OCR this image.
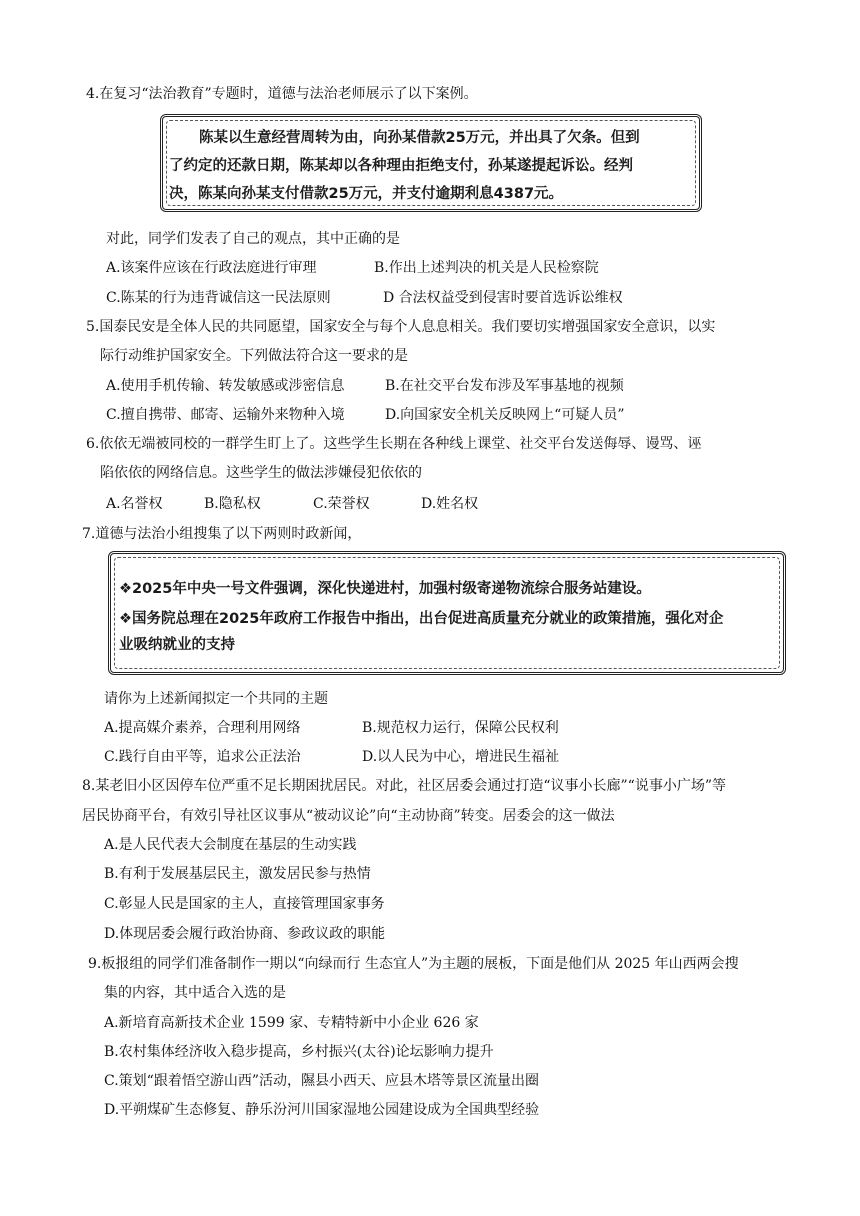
4.在复习“法治教育”专题时，道德与法治老师展示了以下案例。
陈某以生意经营周转为由，向孙某借款25万元，并出具了欠条。但到
了约定的还款日期，陈某却以各种理由拒绝支付，孙某遂提起诉讼。经判
决，陈某向孙某支付借款25万元，并支付逾期利息4387元。
对此，同学们发表了自己的观点，其中正确的是
A.该案件应该在行政法庭进行审理	B.作出上述判决的机关是人民检察院
C.陈某的行为违背诚信这一民法原则	D 合法权益受到侵害时要首选诉讼维权
5.国泰民安是全体人民的共同愿望，国家安全与每个人息息相关。我们要切实增强国家安全意识，以实
际行动维护国家安全。下列做法符合这一要求的是
A.使用手机传输、转发敏感或涉密信息	B.在社交平台发布涉及军事基地的视频
C.擅自携带、邮寄、运输外来物种入境	D.向国家安全机关反映网上“可疑人员”
6.依依无端被同校的一群学生盯上了。这些学生长期在各种线上课堂、社交平台发送侮辱、谩骂、诬
陷依依的网络信息。这些学生的做法涉嫌侵犯依依的
A.名誉权	B.隐私权	C.荣誉权	D.姓名权
7.道德与法治小组搜集了以下两则时政新闻，
❖2025年中央一号文件强调，深化快递进村，加强村级寄递物流综合服务站建设。
❖国务院总理在2025年政府工作报告中指出，出台促进高质量充分就业的政策措施，强化对企
业吸纳就业的支持
请你为上述新闻拟定一个共同的主题
A.提高媒介素养，合理利用网络	B.规范权力运行，保障公民权利
C.践行自由平等，追求公正法治	D.以人民为中心，增进民生福祉
8.某老旧小区因停车位严重不足长期困扰居民。对此，社区居委会通过打造“议事小长廊”“说事小广场”等
居民协商平台，有效引导社区议事从“被动议论”向“主动协商”转变。居委会的这一做法
A.是人民代表大会制度在基层的生动实践
B.有利于发展基层民主，激发居民参与热情
C.彰显人民是国家的主人，直接管理国家事务
D.体现居委会履行政治协商、参政议政的职能
9.板报组的同学们准备制作一期以“向绿而行 生态宜人”为主题的展板，下面是他们从 2025 年山西两会搜
集的内容，其中适合入选的是
A.新培育高新技术企业 1599 家、专精特新中小企业 626 家
B.农村集体经济收入稳步提高，乡村振兴(太谷)论坛影响力提升
C.策划“跟着悟空游山西”活动，隰县小西天、应县木塔等景区流量出圈
D.平朔煤矿生态修复、静乐汾河川国家湿地公园建设成为全国典型经验
